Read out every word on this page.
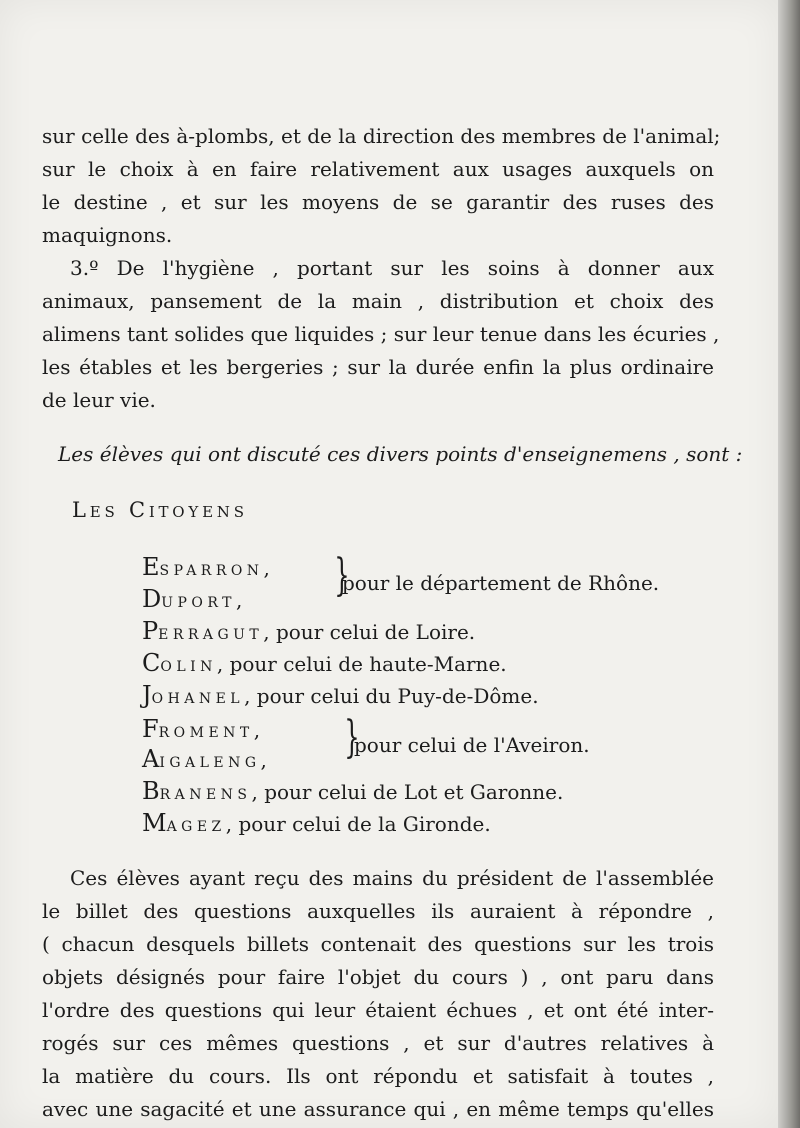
sur celle des à-plombs, et de la direction des membres de l'animal;
sur le choix à en faire relativement aux usages auxquels on
le destine , et sur les moyens de se garantir des ruses des
maquignons.
3.º De l'hygiène , portant sur les soins à donner aux
animaux, pansement de la main , distribution et choix des
alimens tant solides que liquides ; sur leur tenue dans les écuries ,
les étables et les bergeries ; sur la durée enfin la plus ordinaire
de leur vie.
Les élèves qui ont discuté ces divers points d'enseignemens , sont :
Les Citoyens
ESPARRON,
DUPORT, }
pour le département de Rhône.
PERRAGUT, pour celui de Loire.
COLIN, pour celui de haute-Marne.
JOHANEL, pour celui du Puy-de-Dôme.
FROMENT,
AIGALENG, }
pour celui de l'Aveiron.
BRANENS, pour celui de Lot et Garonne.
MAGEZ, pour celui de la Gironde.
Ces élèves ayant reçu des mains du président de l'assemblée
le billet des questions auxquelles ils auraient à répondre ,
( chacun desquels billets contenait des questions sur les trois
objets désignés pour faire l'objet du cours ) , ont paru dans
l'ordre des questions qui leur étaient échues , et ont été inter-
rogés sur ces mêmes questions , et sur d'autres relatives à
la matière du cours. Ils ont répondu et satisfait à toutes ,
avec une sagacité et une assurance qui , en même temps qu'elles
